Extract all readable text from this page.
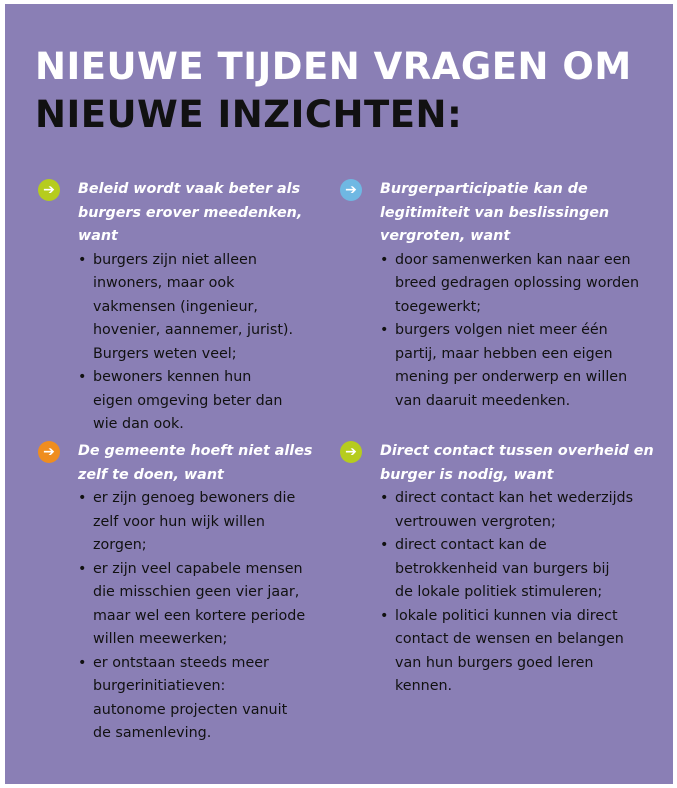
NIEUWE TIJDEN VRAGEN OM
NIEUWE INZICHTEN:
➔	Beleid wordt vaak beter als
burgers erover meedenken, want
• burgers zijn niet alleen
inwoners, maar ook
vakmensen (ingenieur,
hovenier, aannemer, jurist).
Burgers weten veel;
• bewoners kennen hun
eigen omgeving beter dan
wie dan ook.
➔	Burgerparticipatie kan de
legitimiteit van beslissingen
vergroten, want
• door samenwerken kan naar een
breed gedragen oplossing worden
toegewerkt;
• burgers volgen niet meer één
partij, maar hebben een eigen
mening per onderwerp en willen
van daaruit meedenken.
➔	De gemeente hoeft niet alles
zelf te doen, want
• er zijn genoeg bewoners die
zelf voor hun wijk willen
zorgen;
• er zijn veel capabele mensen
die misschien geen vier jaar,
maar wel een kortere periode
willen meewerken;
• er ontstaan steeds meer
burgerinitiatieven:
autonome projecten vanuit
de samenleving.
➔	Direct contact tussen overheid en
burger is nodig, want
• direct contact kan het wederzijds
vertrouwen vergroten;
• direct contact kan de
betrokkenheid van burgers bij
de lokale politiek stimuleren;
• lokale politici kunnen via direct
contact de wensen en belangen
van hun burgers goed leren
kennen.
